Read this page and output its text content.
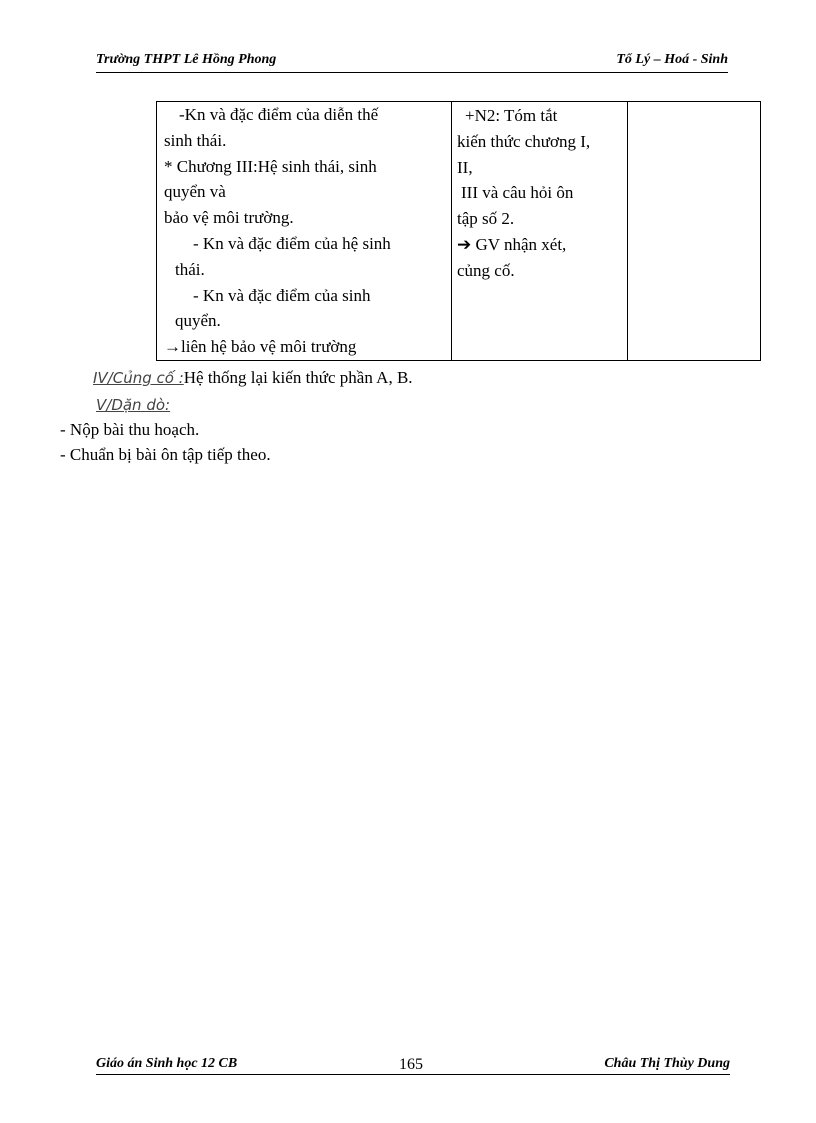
Trường THPT Lê Hồng Phong	Tổ Lý – Hoá - Sinh
-Kn và đặc điểm của diễn thế
sinh thái.
* Chương III:Hệ sinh thái, sinh
quyển và
bảo vệ môi trường.
- Kn và đặc điểm của hệ sinh
thái.
- Kn và đặc điểm của sinh
quyển.
→liên hệ bảo vệ môi trường

+N2: Tóm tắt
kiến thức chương I,
II,
III và câu hỏi ôn
tập số 2.
➔ GV nhận xét,
củng cố.

IV/Củng cố :Hệ thống lại kiến thức phần A, B.
V/Dặn dò:
- Nộp bài thu hoạch.
- Chuẩn bị bài ôn tập tiếp theo.
Giáo án Sinh học 12 CB	165	Châu Thị Thùy Dung
